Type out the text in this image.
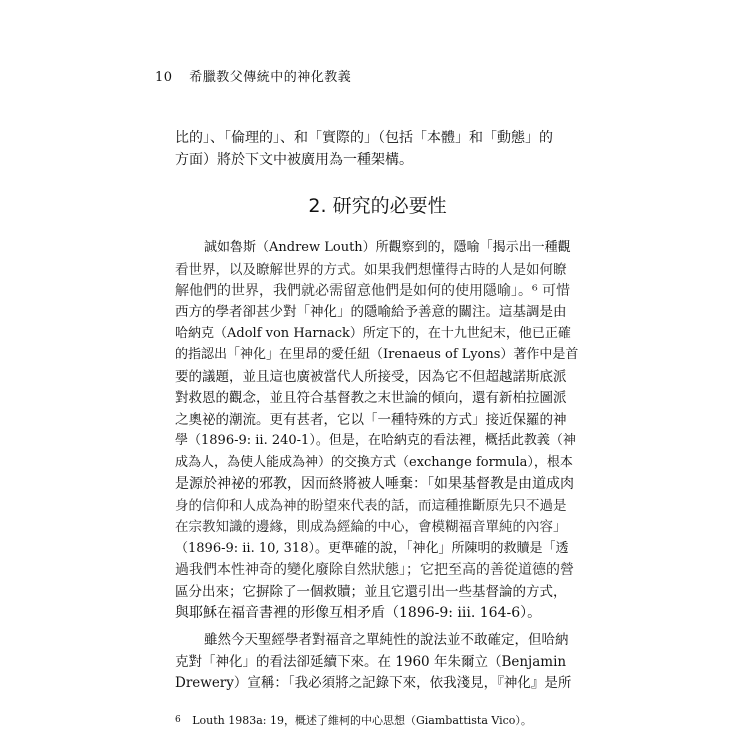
10 希臘教父傳統中的神化教義
比的」、「倫理的」、和「實際的」（包括「本體」和「動態」的
方面）將於下文中被廣用為一種架構。
2. 研究的必要性
誠如魯斯（Andrew Louth）所觀察到的，隱喻「揭示出一種觀
看世界，以及瞭解世界的方式。如果我們想懂得古時的人是如何瞭
解他們的世界，我們就必需留意他們是如何的使用隱喻」。⁶ 可惜
西方的學者卻甚少對「神化」的隱喻給予善意的關注。這基調是由
哈納克（Adolf von Harnack）所定下的，在十九世紀末，他已正確
的指認出「神化」在里昂的愛任紐（Irenaeus of Lyons）著作中是首
要的議題，並且這也廣被當代人所接受，因為它不但超越諾斯底派
對救恩的觀念，並且符合基督教之末世論的傾向，還有新柏拉圖派
之奧祕的潮流。更有甚者，它以「一種特殊的方式」接近保羅的神
學（1896-9: ii. 240-1）。但是，在哈納克的看法裡，概括此教義（神
成為人，為使人能成為神）的交換方式（exchange formula），根本
是源於神祕的邪教，因而終將被人唾棄：「如果基督教是由道成肉
身的信仰和人成為神的盼望來代表的話，而這種推斷原先只不過是
在宗教知識的邊緣，則成為經綸的中心，會模糊福音單純的內容」
（1896-9: ii. 10, 318）。更準確的說，「神化」所陳明的救贖是「透
過我們本性神奇的變化廢除自然狀態」；它把至高的善從道德的營
區分出來；它摒除了一個救贖；並且它還引出一些基督論的方式，
與耶穌在福音書裡的形像互相矛盾（1896-9: iii. 164-6）。
雖然今天聖經學者對福音之單純性的說法並不敢確定，但哈納
克對「神化」的看法卻延續下來。在 1960 年朱爾立（Benjamin
Drewery）宣稱：「我必須將之記錄下來，依我淺見，『神化』是所
6 Louth 1983a: 19，概述了維柯的中心思想（Giambattista Vico）。
